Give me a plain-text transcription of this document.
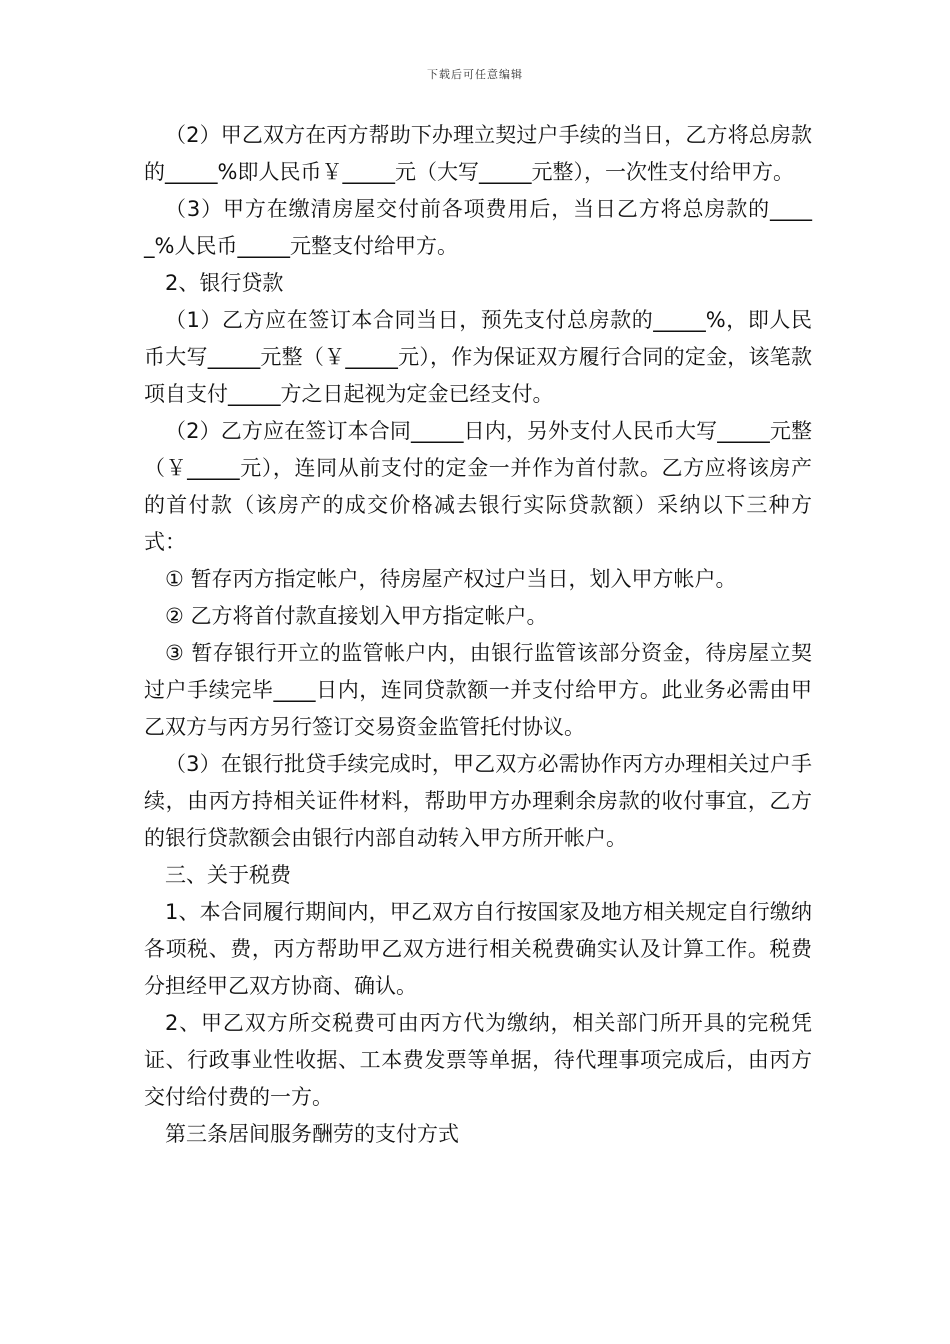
下载后可任意编辑

（2）甲乙双方在丙方帮助下办理立契过户手续的当日，乙方将总房款的_____%即人民币￥_____元（大写_____元整），一次性支付给甲方。

（3）甲方在缴清房屋交付前各项费用后，当日乙方将总房款的_____%人民币_____元整支付给甲方。

2、银行贷款

（1）乙方应在签订本合同当日，预先支付总房款的_____%，即人民币大写_____元整（￥_____元），作为保证双方履行合同的定金，该笔款项自支付_____方之日起视为定金已经支付。

（2）乙方应在签订本合同_____日内，另外支付人民币大写_____元整（￥_____元），连同从前支付的定金一并作为首付款。乙方应将该房产的首付款（该房产的成交价格减去银行实际贷款额）采纳以下三种方式：

① 暂存丙方指定帐户，待房屋产权过户当日，划入甲方帐户。

② 乙方将首付款直接划入甲方指定帐户。

③ 暂存银行开立的监管帐户内，由银行监管该部分资金，待房屋立契过户手续完毕____日内，连同贷款额一并支付给甲方。此业务必需由甲乙双方与丙方另行签订交易资金监管托付协议。

（3）在银行批贷手续完成时，甲乙双方必需协作丙方办理相关过户手续，由丙方持相关证件材料，帮助甲方办理剩余房款的收付事宜，乙方的银行贷款额会由银行内部自动转入甲方所开帐户。

三、关于税费

1、本合同履行期间内，甲乙双方自行按国家及地方相关规定自行缴纳各项税、费，丙方帮助甲乙双方进行相关税费确实认及计算工作。税费分担经甲乙双方协商、确认。

2、甲乙双方所交税费可由丙方代为缴纳，相关部门所开具的完税凭证、行政事业性收据、工本费发票等单据，待代理事项完成后，由丙方交付给付费的一方。

第三条居间服务酬劳的支付方式
